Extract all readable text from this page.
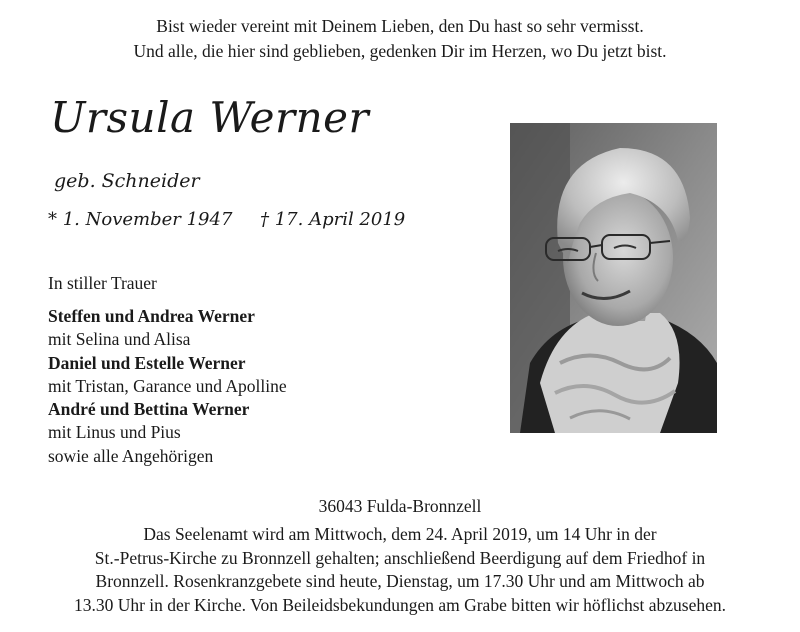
Bist wieder vereint mit Deinem Lieben, den Du hast so sehr vermisst.
Und alle, die hier sind geblieben, gedenken Dir im Herzen, wo Du jetzt bist.
Ursula Werner
geb. Schneider
* 1. November 1947 † 17. April 2019
In stiller Trauer
Steffen und Andrea Werner
mit Selina und Alisa
Daniel und Estelle Werner
mit Tristan, Garance und Apolline
André und Bettina Werner
mit Linus und Pius
sowie alle Angehörigen
36043 Fulda-Bronnzell
Das Seelenamt wird am Mittwoch, dem 24. April 2019, um 14 Uhr in der
St.-Petrus-Kirche zu Bronnzell gehalten; anschließend Beerdigung auf dem Friedhof in
Bronnzell. Rosenkranzgebete sind heute, Dienstag, um 17.30 Uhr und am Mittwoch ab
13.30 Uhr in der Kirche. Von Beileidsbekundungen am Grabe bitten wir höflichst abzusehen.
